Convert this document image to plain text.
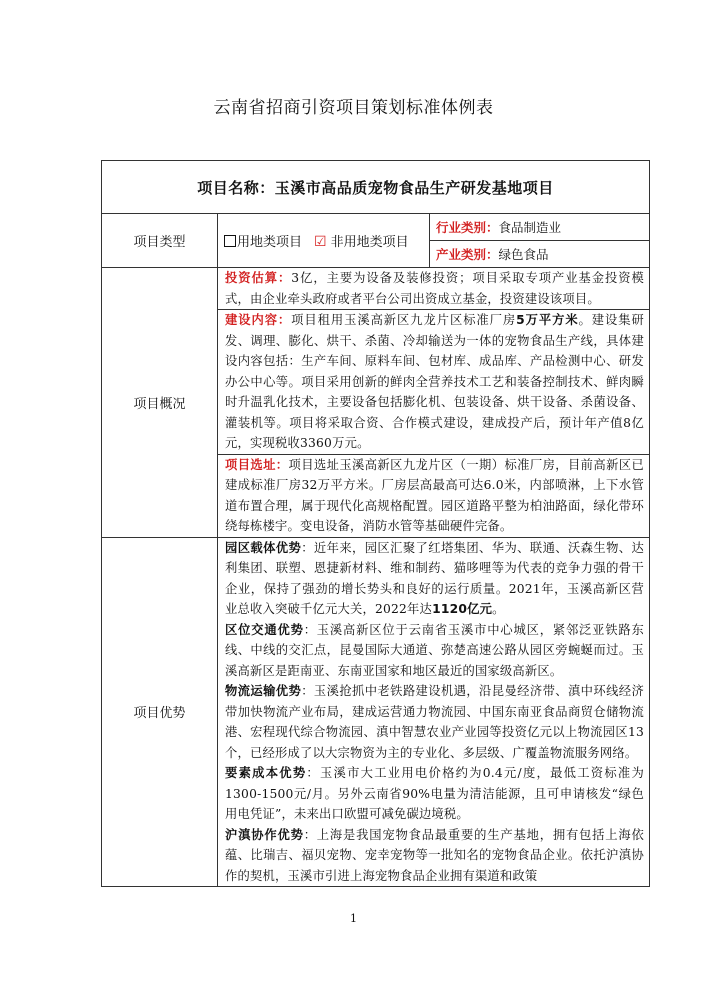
云南省招商引资项目策划标准体例表
项目名称：玉溪市高品质宠物食品生产研发基地项目		
项目类型	用地类项目 ☑ 非用地类项目	行业类别：食品制造业
		产业类别：绿色食品
项目概况	投资估算：3亿，主要为设备及装修投资；项目采取专项产业基金投资模式，由企业牵头政府或者平台公司出资成立基金，投资建设该项目。	
	建设内容：项目租用玉溪高新区九龙片区标准厂房5万平方米。建设集研发、调理、膨化、烘干、杀菌、冷却输送为一体的宠物食品生产线，具体建设内容包括：生产车间、原料车间、包材库、成品库、产品检测中心、研发办公中心等。项目采用创新的鲜肉全营养技术工艺和装备控制技术、鲜肉瞬时升温乳化技术，主要设备包括膨化机、包装设备、烘干设备、杀菌设备、灌装机等。项目将采取合资、合作模式建设，建成投产后，预计年产值8亿元，实现税收3360万元。	
	项目选址：项目选址玉溪高新区九龙片区（一期）标准厂房，目前高新区已建成标准厂房32万平方米。厂房层高最高可达6.0米，内部喷淋，上下水管道布置合理，属于现代化高规格配置。园区道路平整为柏油路面，绿化带环绕每栋楼宇。变电设备，消防水管等基础硬件完备。	
项目优势	园区载体优势：近年来，园区汇聚了红塔集团、华为、联通、沃森生物、达利集团、联塑、恩捷新材料、维和制药、猫哆哩等为代表的竞争力强的骨干企业，保持了强劲的增长势头和良好的运行质量。2021年，玉溪高新区营业总收入突破千亿元大关，2022年达1120亿元。
区位交通优势：玉溪高新区位于云南省玉溪市中心城区，紧邻泛亚铁路东线、中线的交汇点，昆曼国际大通道、弥楚高速公路从园区旁蜿蜒而过。玉溪高新区是距南亚、东南亚国家和地区最近的国家级高新区。
物流运输优势：玉溪抢抓中老铁路建设机遇，沿昆曼经济带、滇中环线经济带加快物流产业布局，建成运营通力物流园、中国东南亚食品商贸仓储物流港、宏程现代综合物流园、滇中智慧农业产业园等投资亿元以上物流园区13个，已经形成了以大宗物资为主的专业化、多层级、广覆盖物流服务网络。
要素成本优势：玉溪市大工业用电价格约为0.4元/度，最低工资标准为1300-1500元/月。另外云南省90%电量为清洁能源，且可申请核发“绿色用电凭证”，未来出口欧盟可减免碳边境税。
沪滇协作优势：上海是我国宠物食品最重要的生产基地，拥有包括上海依蕴、比瑞吉、福贝宠物、宠幸宠物等一批知名的宠物食品企业。依托沪滇协作的契机，玉溪市引进上海宠物食品企业拥有渠道和政策	
1
